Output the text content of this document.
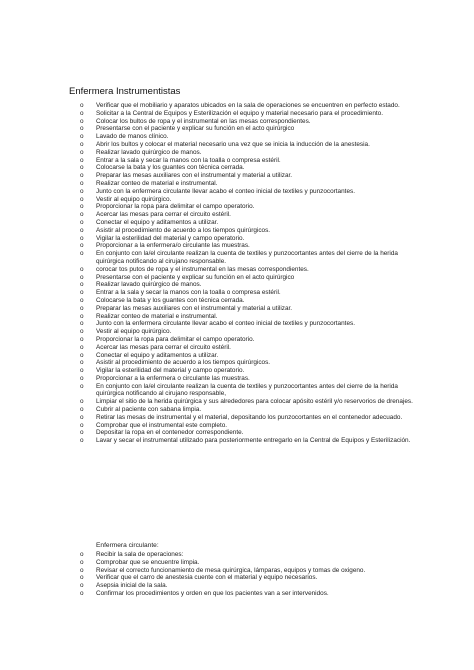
Enfermera Instrumentistas
o Verificar que el mobiliario y aparatos ubicados en la sala de operaciones se encuentren en perfecto estado.
o Solicitar a la Central de Equipos y Esterilización el equipo y material necesario para el procedimiento.
o Colocar los bultos de ropa y el instrumental en las mesas correspondientes.
o Presentarse con el paciente y explicar su función en el acto quirúrgico
o Lavado de manos clínico.
o Abrir los bultos y colocar el material necesario una vez que se inicia la inducción de la anestesia.
o Realizar lavado quirúrgico de manos.
o Entrar a la sala y secar la manos con la toalla o compresa estéril.
o Colocarse la bata y los guantes con técnica cerrada.
o Preparar las mesas auxiliares con el instrumental y material a utilizar.
o Realizar conteo de material e instrumental.
o Junto con la enfermera circulante llevar acabo el conteo inicial de textiles y punzocortantes.
o Vestir al equipo quirúrgico.
o Proporcionar la ropa para delimitar el campo operatorio.
o Acercar las mesas para cerrar el circuito estéril.
o Conectar el equipo y aditamentos a utilizar.
o Asistir al procedimiento de acuerdo a los tiempos quirúrgicos.
o Vigilar la esterilidad del material y campo operatorio.
o Proporcionar a la enfermera/o circulante las muestras.
o En conjunto con la/el circulante realizan la cuenta de textiles y punzocortantes antes del cierre de la herida quirúrgica notificando al cirujano responsable.
o corocar tos putos de ropa y el instrumental en las mesas correspondientes.
o Presentarse con el paciente y explicar su función en el acto quirúrgico
o Realizar lavado quirúrgico de manos.
o Entrar a la sala y secar la manos con la toalla o compresa estéril.
o Colocarse la bata y los guantes con técnica cerrada.
o Preparar las mesas auxiliares con el instrumental y material a utilizar.
o Realizar conteo de material e instrumental.
o Junto con la enfermera circulante llevar acabo el conteo inicial de textiles y punzocortantes.
o Vestir al equipo quirúrgico.
o Proporcionar la ropa para delimitar el campo operatorio.
o Acercar las mesas para cerrar el circuito estéril.
o Conectar el equipo y aditamentos a utilizar.
o Asistir al procedimiento de acuerdo a los tiempos quirúrgicos.
o Vigilar la esterilidad del material y campo operatorio.
o Proporcionar a la enfermera o circulante las muestras.
o En conjunto con la/el circulante realizan la cuenta de textiles y punzocortantes antes del cierre de la herida quirúrgica notificando al cirujano responsable,
o Limpiar el sitio de la herida quirúrgica y sus alrededores para colocar apósito estéril y/o reservorios de drenajes.
o Cubrir al paciente con sabana limpia.
o Retirar las mesas de instrumental y el material, depositando los punzocortantes en el contenedor adecuado.
o Comprobar que el instrumental este completo.
o Depositar la ropa en el contenedor correspondiente.
o Lavar y secar el instrumental utilizado para posteriormente entregarlo en la Central de Equipos y Esterilización.
Enfermera circulante:
o Recibir la sala de operaciones:
o Comprobar que se encuentre limpia.
o Revisar el correcto funcionamiento de mesa quirúrgica, lámparas, equipos y tomas de oxigeno.
o Verificar que el carro de anestesia cuente con el material y equipo necesarios.
o Asepsia inicial de la sala.
o Confirmar los procedimientos y orden en que los pacientes van a ser intervenidos.
